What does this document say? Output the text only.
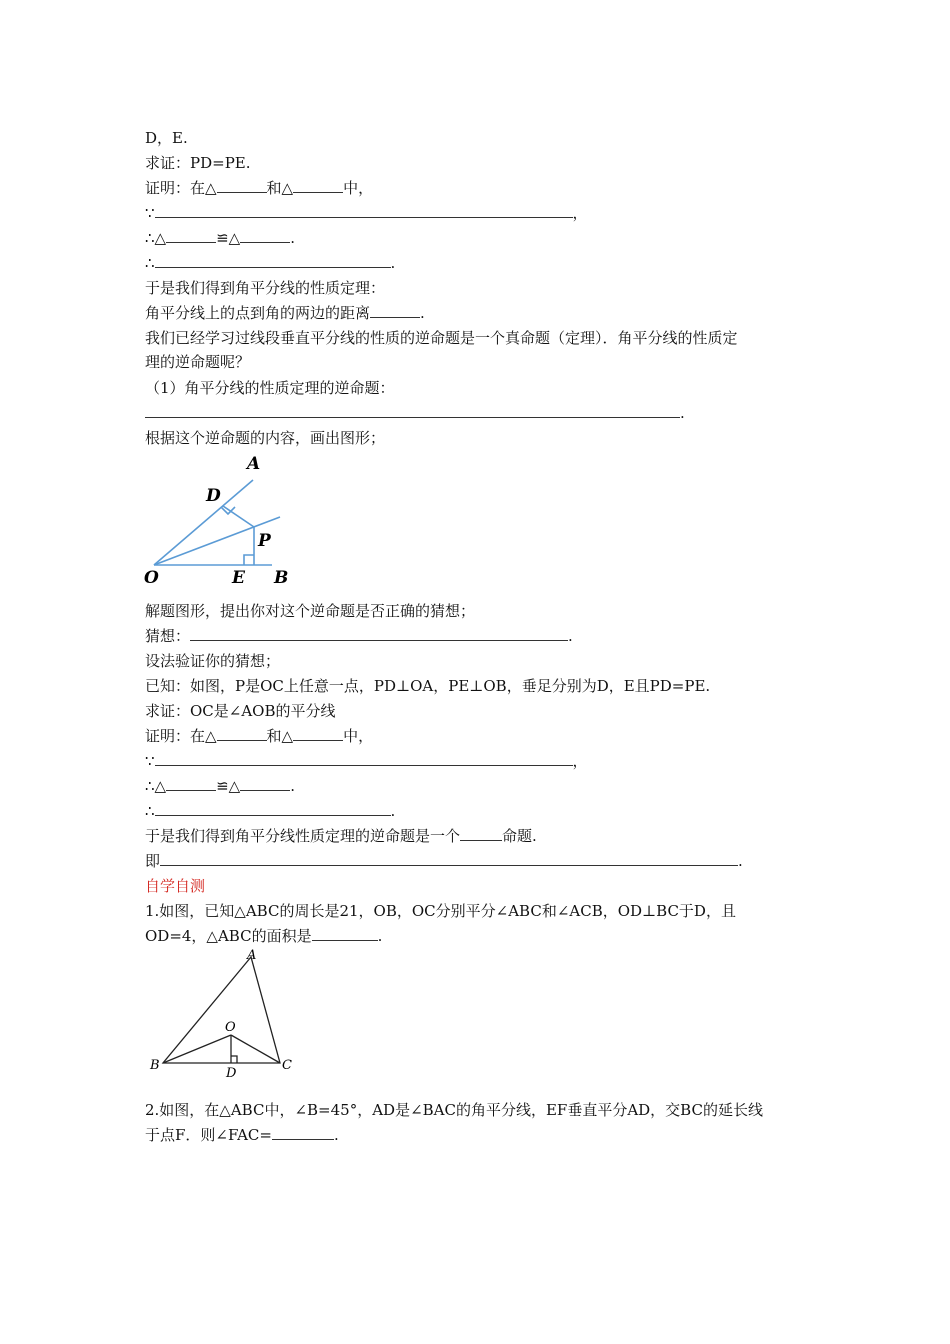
D，E.
求证：PD=PE.
证明：在△	和△	中，
∵	，
∴△	≌△	.
∴	.
于是我们得到角平分线的性质定理：
角平分线上的点到角的两边的距离	.
我们已经学习过线段垂直平分线的性质的逆命题是一个真命题（定理）．角平分线的性质定
理的逆命题呢？
（1）角平分线的性质定理的逆命题：
.
根据这个逆命题的内容，画出图形；
A
D
P
O	E B
解题图形，提出你对这个逆命题是否正确的猜想；
猜想：	.
设法验证你的猜想；
已知：如图，P是OC上任意一点，PD⊥OA，PE⊥OB，垂足分别为D，E且PD=PE.
求证：OC是∠AOB的平分线
证明：在△	和△	中，
∵	，
∴△	≌△	.
∴	.
于是我们得到角平分线性质定理的逆命题是一个	命题.
即	.
自学自测
1.如图，已知△ABC的周长是21，OB，OC分别平分∠ABC和∠ACB，OD⊥BC于D，且
OD=4，△ABC的面积是	.
A
O
B
D
C
2.如图，在△ABC中，∠B=45°，AD是∠BAC的角平分线，EF垂直平分AD，交BC的延长线
于点F．则∠FAC=	.
